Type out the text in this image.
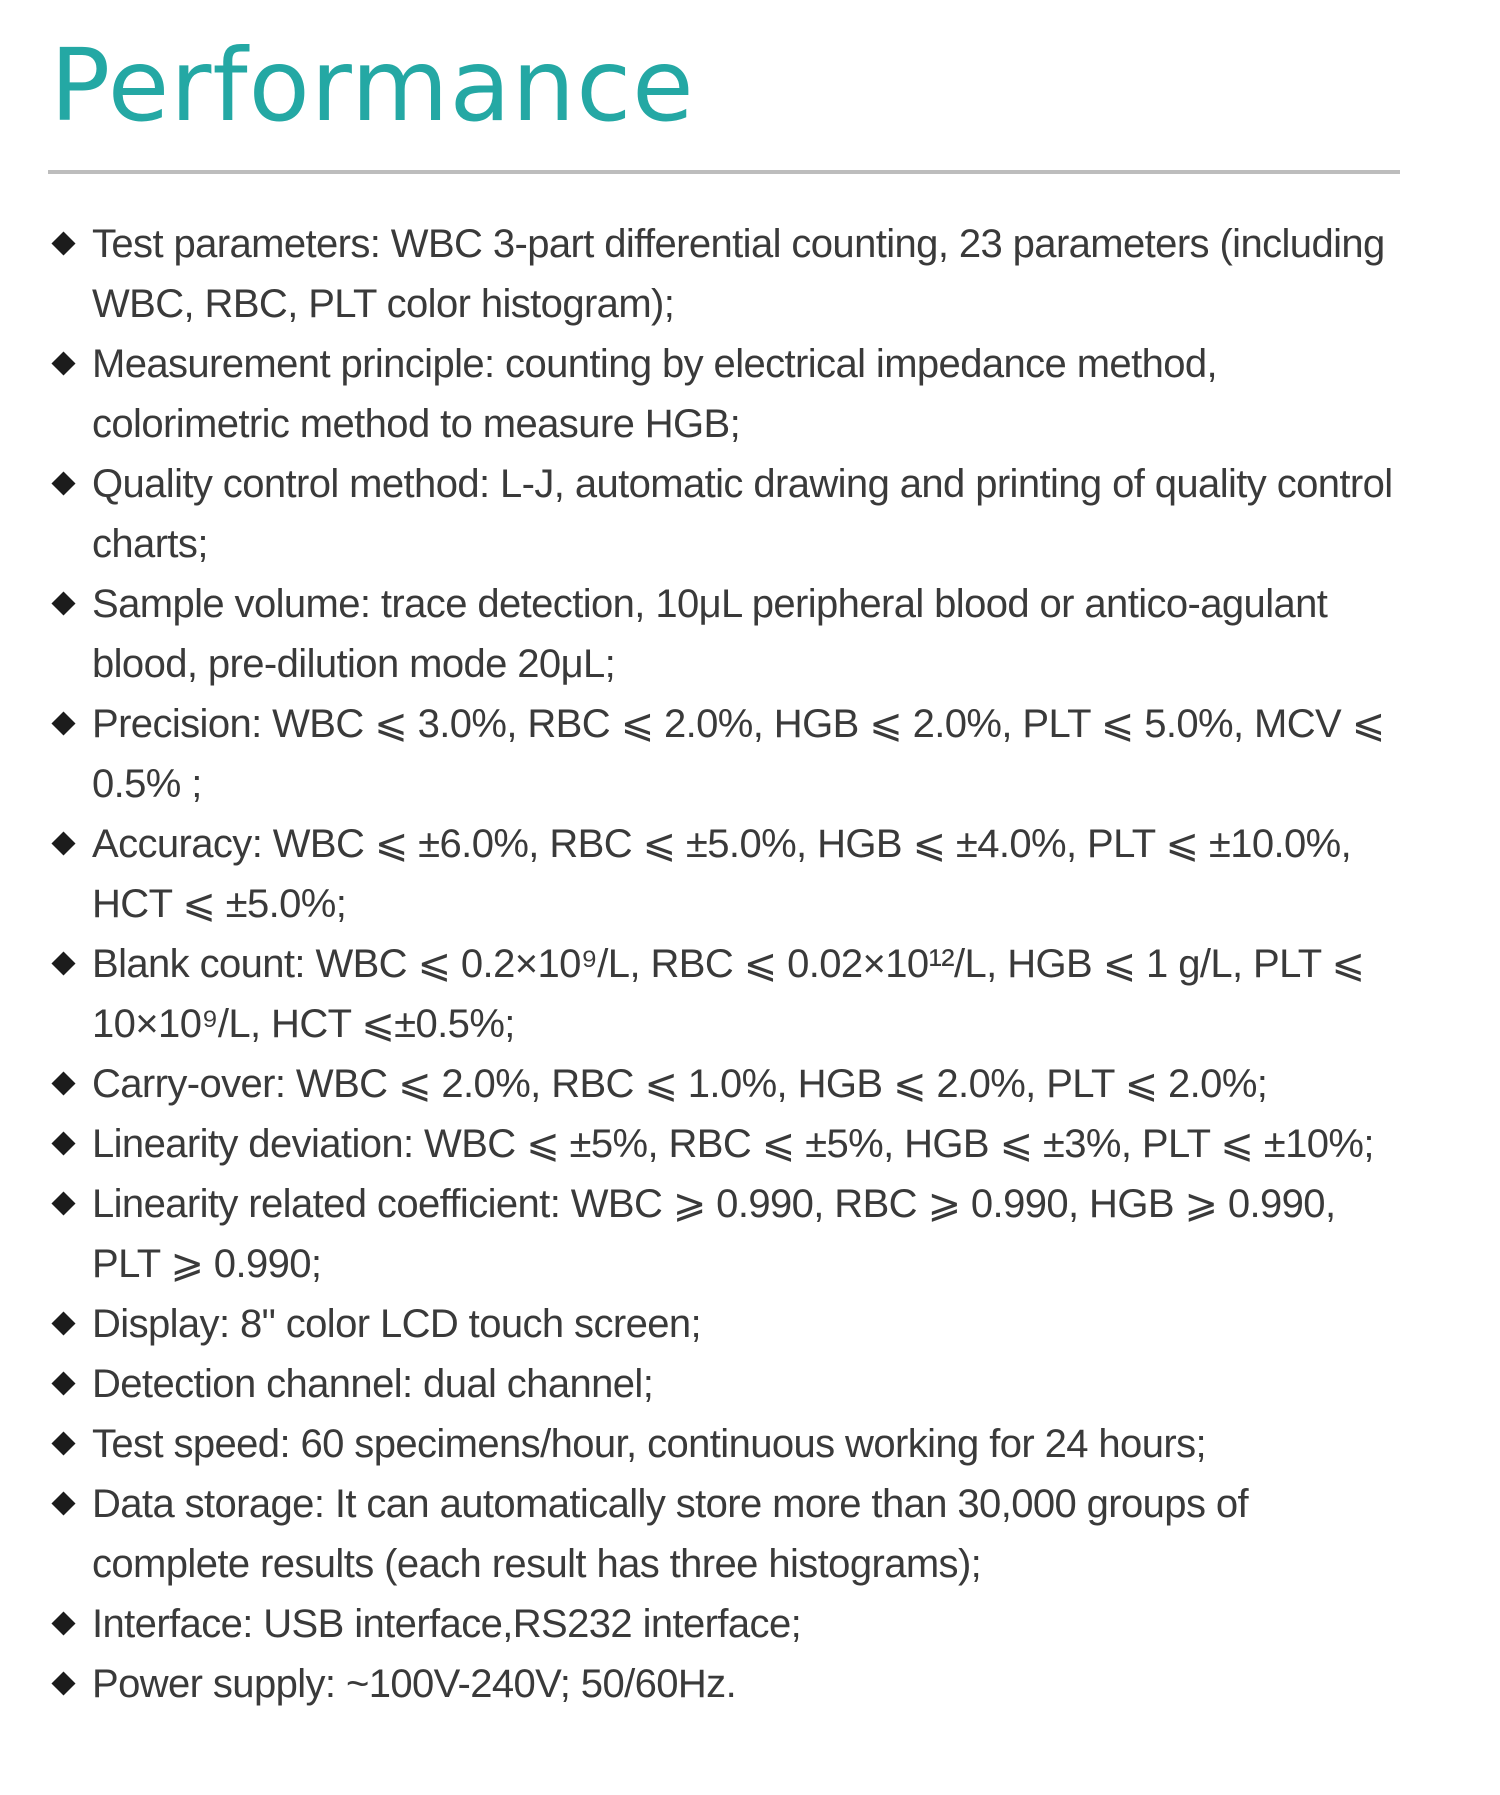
Performance
Test parameters: WBC 3-part differential counting, 23 parameters (including WBC, RBC, PLT color histogram);
Measurement principle: counting by electrical impedance method, colorimetric method to measure HGB;
Quality control method: L-J, automatic drawing and printing of quality control charts;
Sample volume: trace detection, 10μL peripheral blood or antico-agulant blood, pre-dilution mode 20μL;
Precision: WBC ⩽ 3.0%, RBC ⩽ 2.0%, HGB ⩽ 2.0%, PLT ⩽ 5.0%, MCV ⩽ 0.5% ;
Accuracy: WBC ⩽ ±6.0%, RBC ⩽ ±5.0%, HGB ⩽ ±4.0%, PLT ⩽ ±10.0%, HCT ⩽ ±5.0%;
Blank count: WBC ⩽ 0.2×10⁹/L, RBC ⩽ 0.02×10¹²/L, HGB ⩽ 1 g/L, PLT ⩽ 10×10⁹/L, HCT ⩽±0.5%;
Carry-over: WBC ⩽ 2.0%, RBC ⩽ 1.0%, HGB ⩽ 2.0%, PLT ⩽ 2.0%;
Linearity deviation: WBC ⩽ ±5%, RBC ⩽ ±5%, HGB ⩽ ±3%, PLT ⩽ ±10%;
Linearity related coefficient: WBC ⩾ 0.990, RBC ⩾ 0.990, HGB ⩾ 0.990, PLT ⩾ 0.990;
Display: 8" color LCD touch screen;
Detection channel: dual channel;
Test speed: 60 specimens/hour, continuous working for 24 hours;
Data storage: It can automatically store more than 30,000 groups of complete results (each result has three histograms);
Interface: USB interface,RS232 interface;
Power supply: ~100V-240V; 50/60Hz.
